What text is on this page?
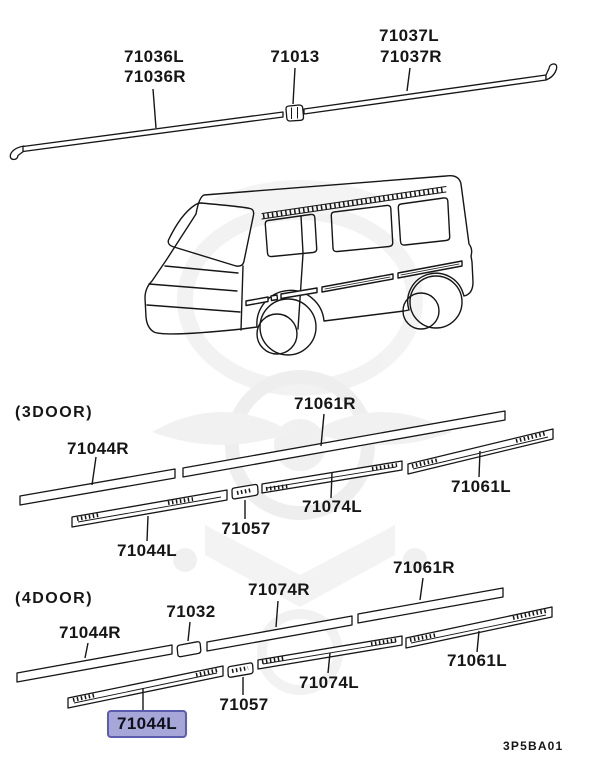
71036L
71036R
71013
71037L
71037R
(3DOOR)	71061R
71044R
71061L
71074L
71057
71044L
(4DOOR)
71061R
71074R
71032
71044R
71061L
71074L
71057
71044L
3P5BA01
